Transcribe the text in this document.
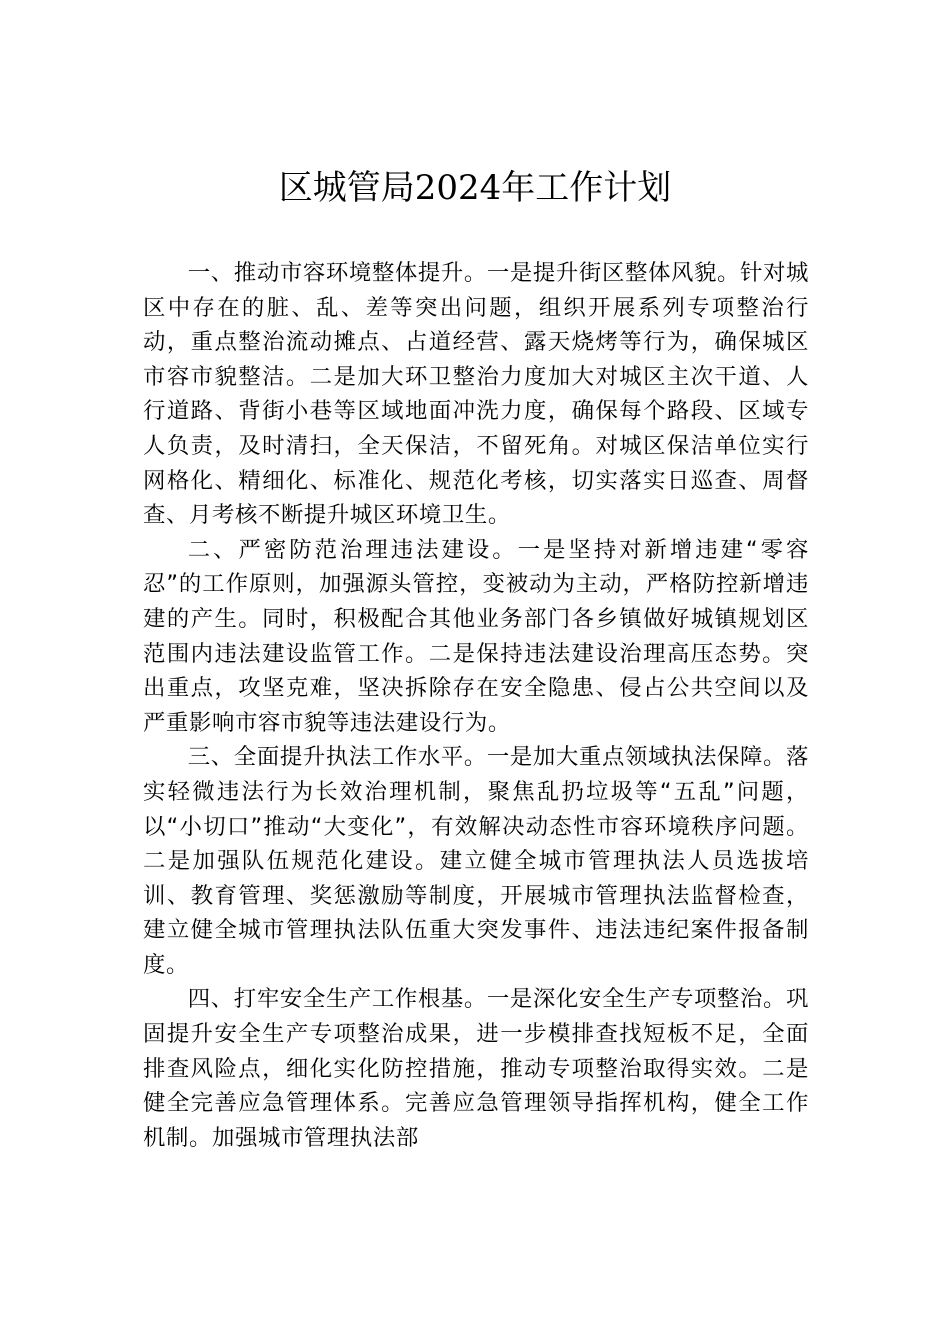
区城管局2024年工作计划

一、推动市容环境整体提升。一是提升街区整体风貌。针对城区中存在的脏、乱、差等突出问题，组织开展系列专项整治行动，重点整治流动摊点、占道经营、露天烧烤等行为，确保城区市容市貌整洁。二是加大环卫整治力度加大对城区主次干道、人行道路、背街小巷等区域地面冲洗力度，确保每个路段、区域专人负责，及时清扫，全天保洁，不留死角。对城区保洁单位实行网格化、精细化、标准化、规范化考核，切实落实日巡查、周督查、月考核不断提升城区环境卫生。

二、严密防范治理违法建设。一是坚持对新增违建“零容忍”的工作原则，加强源头管控，变被动为主动，严格防控新增违建的产生。同时，积极配合其他业务部门各乡镇做好城镇规划区范围内违法建设监管工作。二是保持违法建设治理高压态势。突出重点，攻坚克难，坚决拆除存在安全隐患、侵占公共空间以及严重影响市容市貌等违法建设行为。

三、全面提升执法工作水平。一是加大重点领域执法保障。落实轻微违法行为长效治理机制，聚焦乱扔垃圾等“五乱”问题，以“小切口”推动“大变化”，有效解决动态性市容环境秩序问题。二是加强队伍规范化建设。建立健全城市管理执法人员选拔培训、教育管理、奖惩激励等制度，开展城市管理执法监督检查，建立健全城市管理执法队伍重大突发事件、违法违纪案件报备制度。

四、打牢安全生产工作根基。一是深化安全生产专项整治。巩固提升安全生产专项整治成果，进一步模排查找短板不足，全面排查风险点，细化实化防控措施，推动专项整治取得实效。二是健全完善应急管理体系。完善应急管理领导指挥机构，健全工作机制。加强城市管理执法部
